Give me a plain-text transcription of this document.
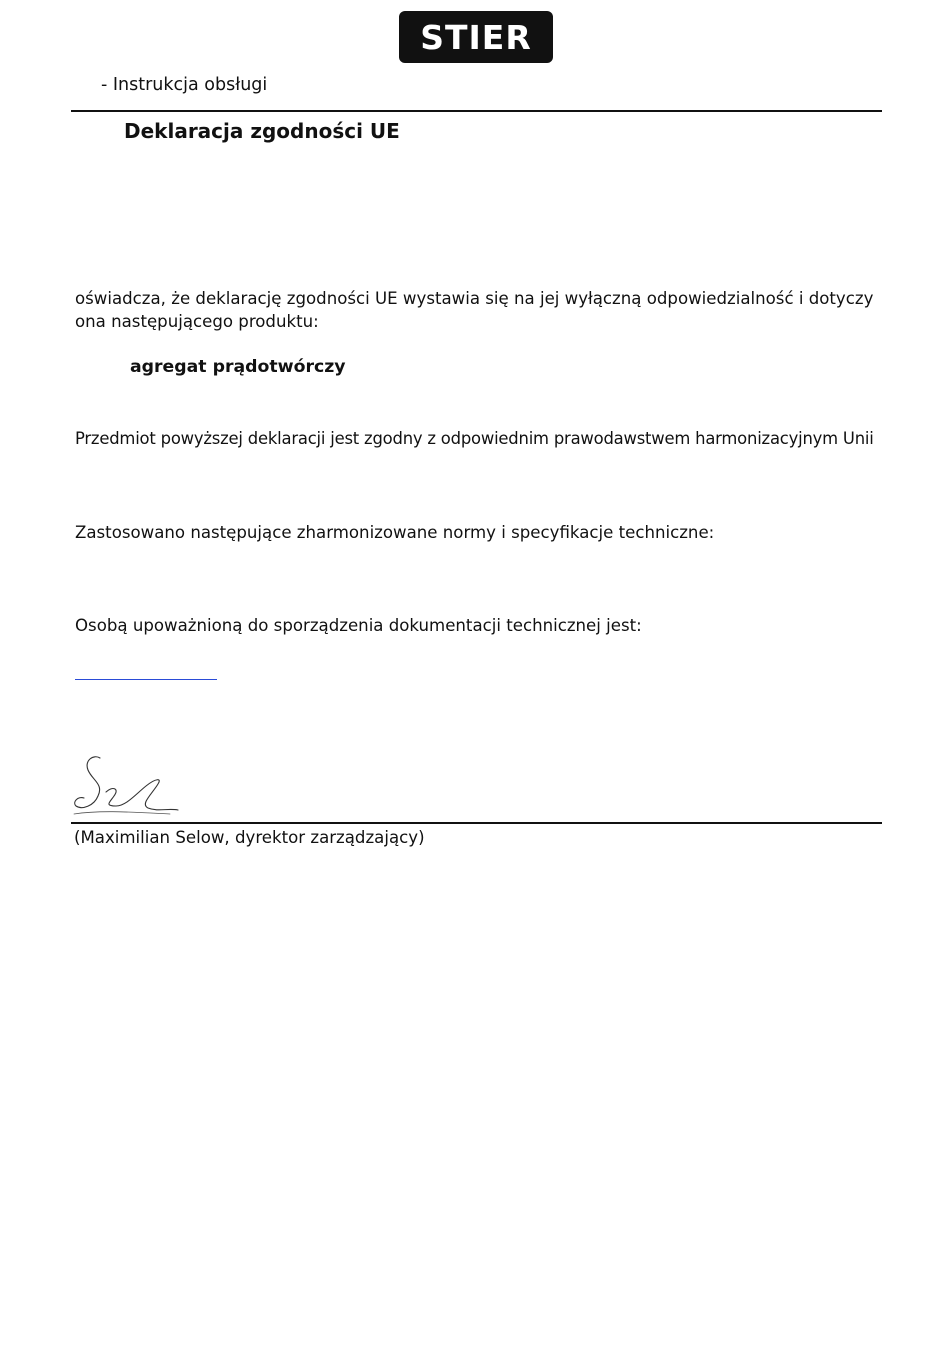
STIER
- Instrukcja obsługi
Deklaracja zgodności UE
oświadcza, że deklarację zgodności UE wystawia się na jej wyłączną odpowiedzialność i dotyczy ona następującego produktu:
agregat prądotwórczy
Przedmiot powyższej deklaracji jest zgodny z odpowiednim prawodawstwem harmonizacyjnym Unii
Zastosowano następujące zharmonizowane normy i specyfikacje techniczne:
Osobą upoważnioną do sporządzenia dokumentacji technicznej jest:
(Maximilian Selow, dyrektor zarządzający)
